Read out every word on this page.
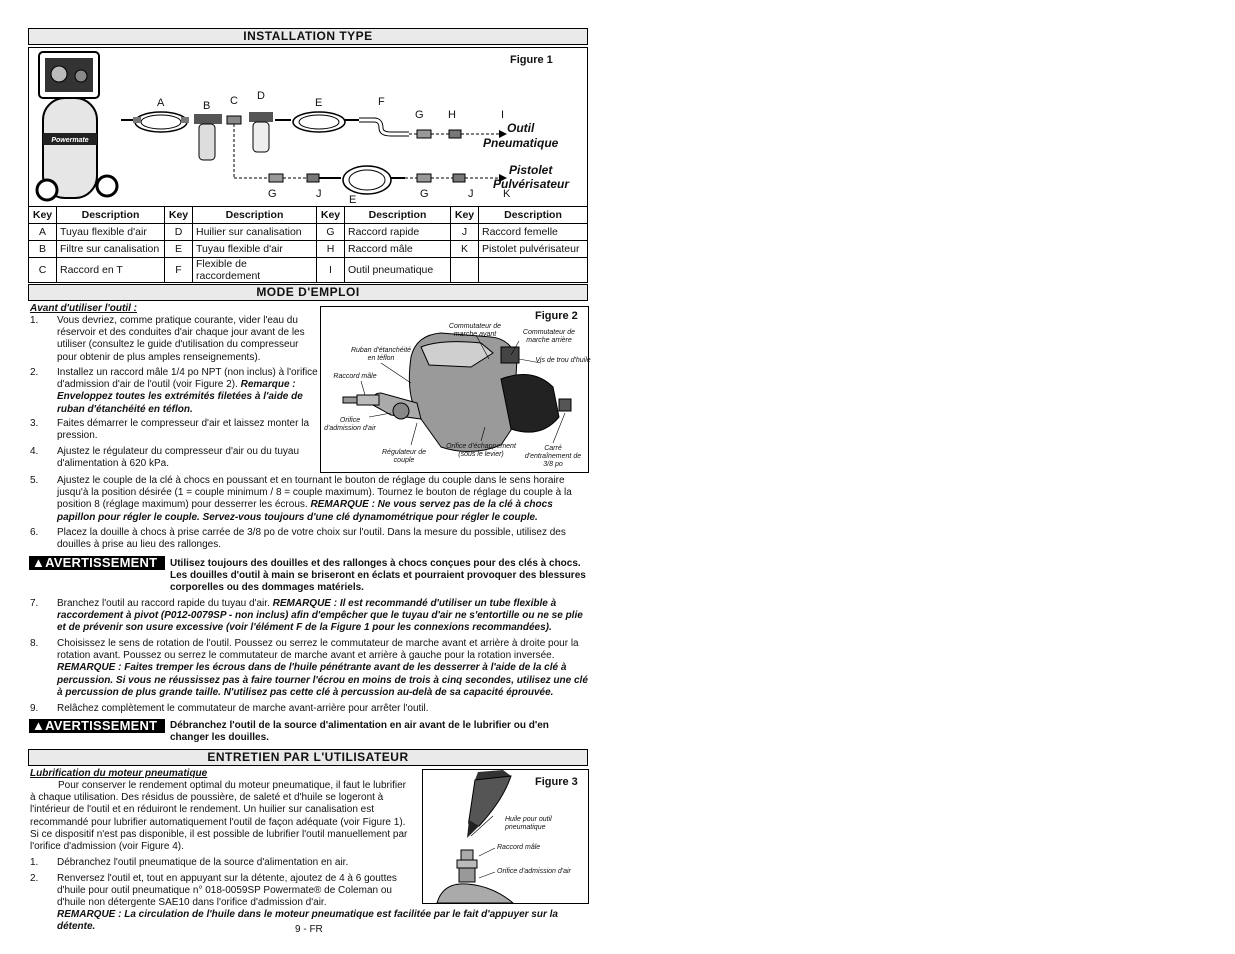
INSTALLATION TYPE
Figure 1
Powermate
A	B C D
E	F
G H	I
G	J	E	G	J	K
Outil
Pneumatique
Pistolet
Pulvérisateur
Key	Description	Key	Description	Key	Description	Key	Description
A	Tuyau flexible d'air	D	Huilier sur canalisation	G	Raccord rapide	J	Raccord femelle
B	Filtre sur canalisation	E	Tuyau flexible d'air	H	Raccord mâle	K	Pistolet pulvérisateur
C	Raccord en T	F	Flexible de raccordement	I	Outil pneumatique		
MODE D'EMPLOI
Avant d'utiliser l'outil :
1. Vous devriez, comme pratique courante, vider l'eau du réservoir et des conduites d'air chaque jour avant de les utiliser (consultez le guide d'utilisation du compresseur pour obtenir de plus amples renseignements).
2. Installez un raccord mâle 1/4 po NPT (non inclus) à l'orifice d'admission d'air de l'outil (voir Figure 2). Remarque : Enveloppez toutes les extrémités filetées à l'aide de ruban d'étanchéité en téflon.
3. Faites démarrer le compresseur d'air et laissez monter la pression.
4. Ajustez le régulateur du compresseur d'air ou du tuyau d'alimentation à 620 kPa.
Figure 2
Commutateur de marche avant	Commutateur de marche arrière
Ruban d'étanchéité en téflon	Vis de trou d'huile
Raccord mâle
Orifice d'admission d'air
Régulateur de couple
Orifice d'échappement (sous le levier)
Carré d'entraînement de 3/8 po
5. Ajustez le couple de la clé à chocs en poussant et en tournant le bouton de réglage du couple dans le sens horaire jusqu'à la position désirée (1 = couple minimum / 8 = couple maximum). Tournez le bouton de réglage du couple à la position 8 (réglage maximum) pour desserrer les écrous. REMARQUE : Ne vous servez pas de la clé à chocs papillon pour régler le couple. Servez-vous toujours d'une clé dynamométrique pour régler le couple.
6. Placez la douille à chocs à prise carrée de 3/8 po de votre choix sur l'outil. Dans la mesure du possible, utilisez des douilles à prise au lieu des rallonges.
▲AVERTISSEMENT	Utilisez toujours des douilles et des rallonges à chocs conçues pour des clés à chocs. Les douilles d'outil à main se briseront en éclats et pourraient provoquer des blessures corporelles ou des dommages matériels.
7. Branchez l'outil au raccord rapide du tuyau d'air. REMARQUE : Il est recommandé d'utiliser un tube flexible à raccordement à pivot (P012-0079SP - non inclus) afin d'empêcher que le tuyau d'air ne s'entortille ou ne se plie et de prévenir son usure excessive (voir l'élément F de la Figure 1 pour les connexions recommandées).
8. Choisissez le sens de rotation de l'outil. Poussez ou serrez le commutateur de marche avant et arrière à droite pour la rotation avant. Poussez ou serrez le commutateur de marche avant et arrière à gauche pour la rotation inversée. REMARQUE : Faites tremper les écrous dans de l'huile pénétrante avant de les desserrer à l'aide de la clé à percussion. Si vous ne réussissez pas à faire tourner l'écrou en moins de trois à cinq secondes, utilisez une clé à percussion de plus grande taille. N'utilisez pas cette clé à percussion au-delà de sa capacité éprouvée.
9. Relâchez complètement le commutateur de marche avant-arrière pour arrêter l'outil.
▲AVERTISSEMENT	Débranchez l'outil de la source d'alimentation en air avant de le lubrifier ou d'en changer les douilles.
ENTRETIEN PAR L'UTILISATEUR
Lubrification du moteur pneumatique
Pour conserver le rendement optimal du moteur pneumatique, il faut le lubrifier à chaque utilisation. Des résidus de poussière, de saleté et d'huile se logeront à l'intérieur de l'outil et en réduiront le rendement. Un huilier sur canalisation est recommandé pour lubrifier automatiquement l'outil de façon adéquate (voir Figure 1). Si ce dispositif n'est pas disponible, il est possible de lubrifier l'outil manuellement par l'orifice d'admission (voir Figure 4).
Figure 3
Huile pour outil pneumatique
Raccord mâle
Orifice d'admission d'air
1. Débranchez l'outil pneumatique de la source d'alimentation en air.
2. Renversez l'outil et, tout en appuyant sur la détente, ajoutez de 4 à 6 gouttes d'huile pour outil pneumatique n° 018-0059SP Powermate® de Coleman ou d'huile non détergente SAE10 dans l'orifice d'admission d'air.
REMARQUE : La circulation de l'huile dans le moteur pneumatique est facilitée par le fait d'appuyer sur la détente.	9 - FR
